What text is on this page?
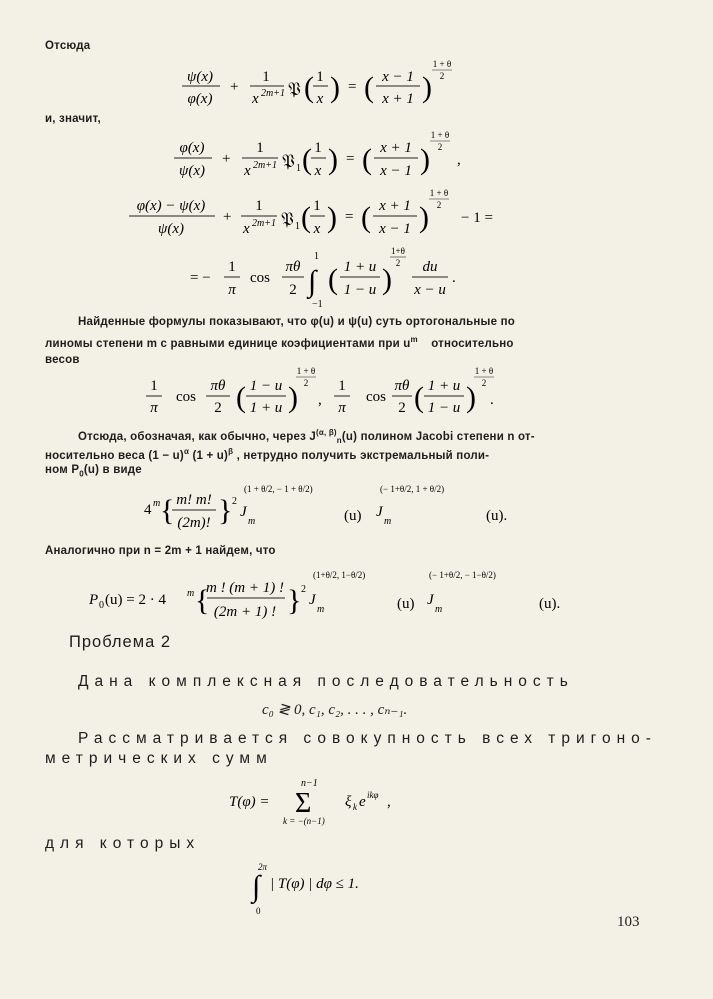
Отсюда
и, значит,
ψ(x)
φ(x)
+
1
x 2m+1 𝔓 ( 1
x ) = ( x − 1
x + 1 )
1 + θ
2
φ(x)
ψ(x)
+
1
x 2m+1 𝔓 1 ( 1
x ) = ( x + 1
x − 1 )
1 + θ
2
,
φ(x) − ψ(x)
ψ(x)
+
1
x 2m+1 𝔓 1 ( 1
x ) = ( x + 1
x − 1 )
1 + θ
2
− 1 =
= −
1
π
cos
πθ
2
1
∫
−1
( 1 + u
1 − u )
1+θ
2 du
x − u
.
Найденные формулы показывают, что φ(u) и ψ(u) суть ортогональные по
линомы степени m с равными единице коэфициентами при $u^m$ относительно
весов
1
π
cos
πθ
2 ( 1 − u
1 + u )
1 + θ
2
,
1
π
cos
πθ
2 ( 1 + u
1 − u )
1 + θ
2
.
Отсюда, обозначая, как обычно, через $J^{(\alpha, \beta)}_n(u)$ полином Jacobi степени n от-
носительно веса $(1 - u)^\alpha$ $(1 + u)^\beta$ , нетрудно получить экстремальный поли-
ном $P_0(u)$ в виде
4 m { m! m!
(2m)! } 2
J
m
(1 + θ/2, − 1 + θ/2)
(u) J
m
(− 1+θ/2, 1 + θ/2)
(u).
Аналогично при n = 2m + 1 найдем, что
P 0 (u) = 2 · 4 m {
m ! (m + 1) !
(2m + 1) ! } 2
J
m
(1+θ/2, 1−θ/2)
(u) J
m
(− 1+θ/2, − 1−θ/2)
(u).
Проблема 2
Дана комплексная последовательность
c₀ ≷ 0, c₁, c₂, . . . , cₙ₋₁.
Рассматривается совокупность всех тригоно-
метрических сумм
T(φ) =
n−1
Σ
k = −(n−1)
ξ k e ikφ ,
для которых
2π
∫
0
| T(φ) | dφ ≤ 1.
103
